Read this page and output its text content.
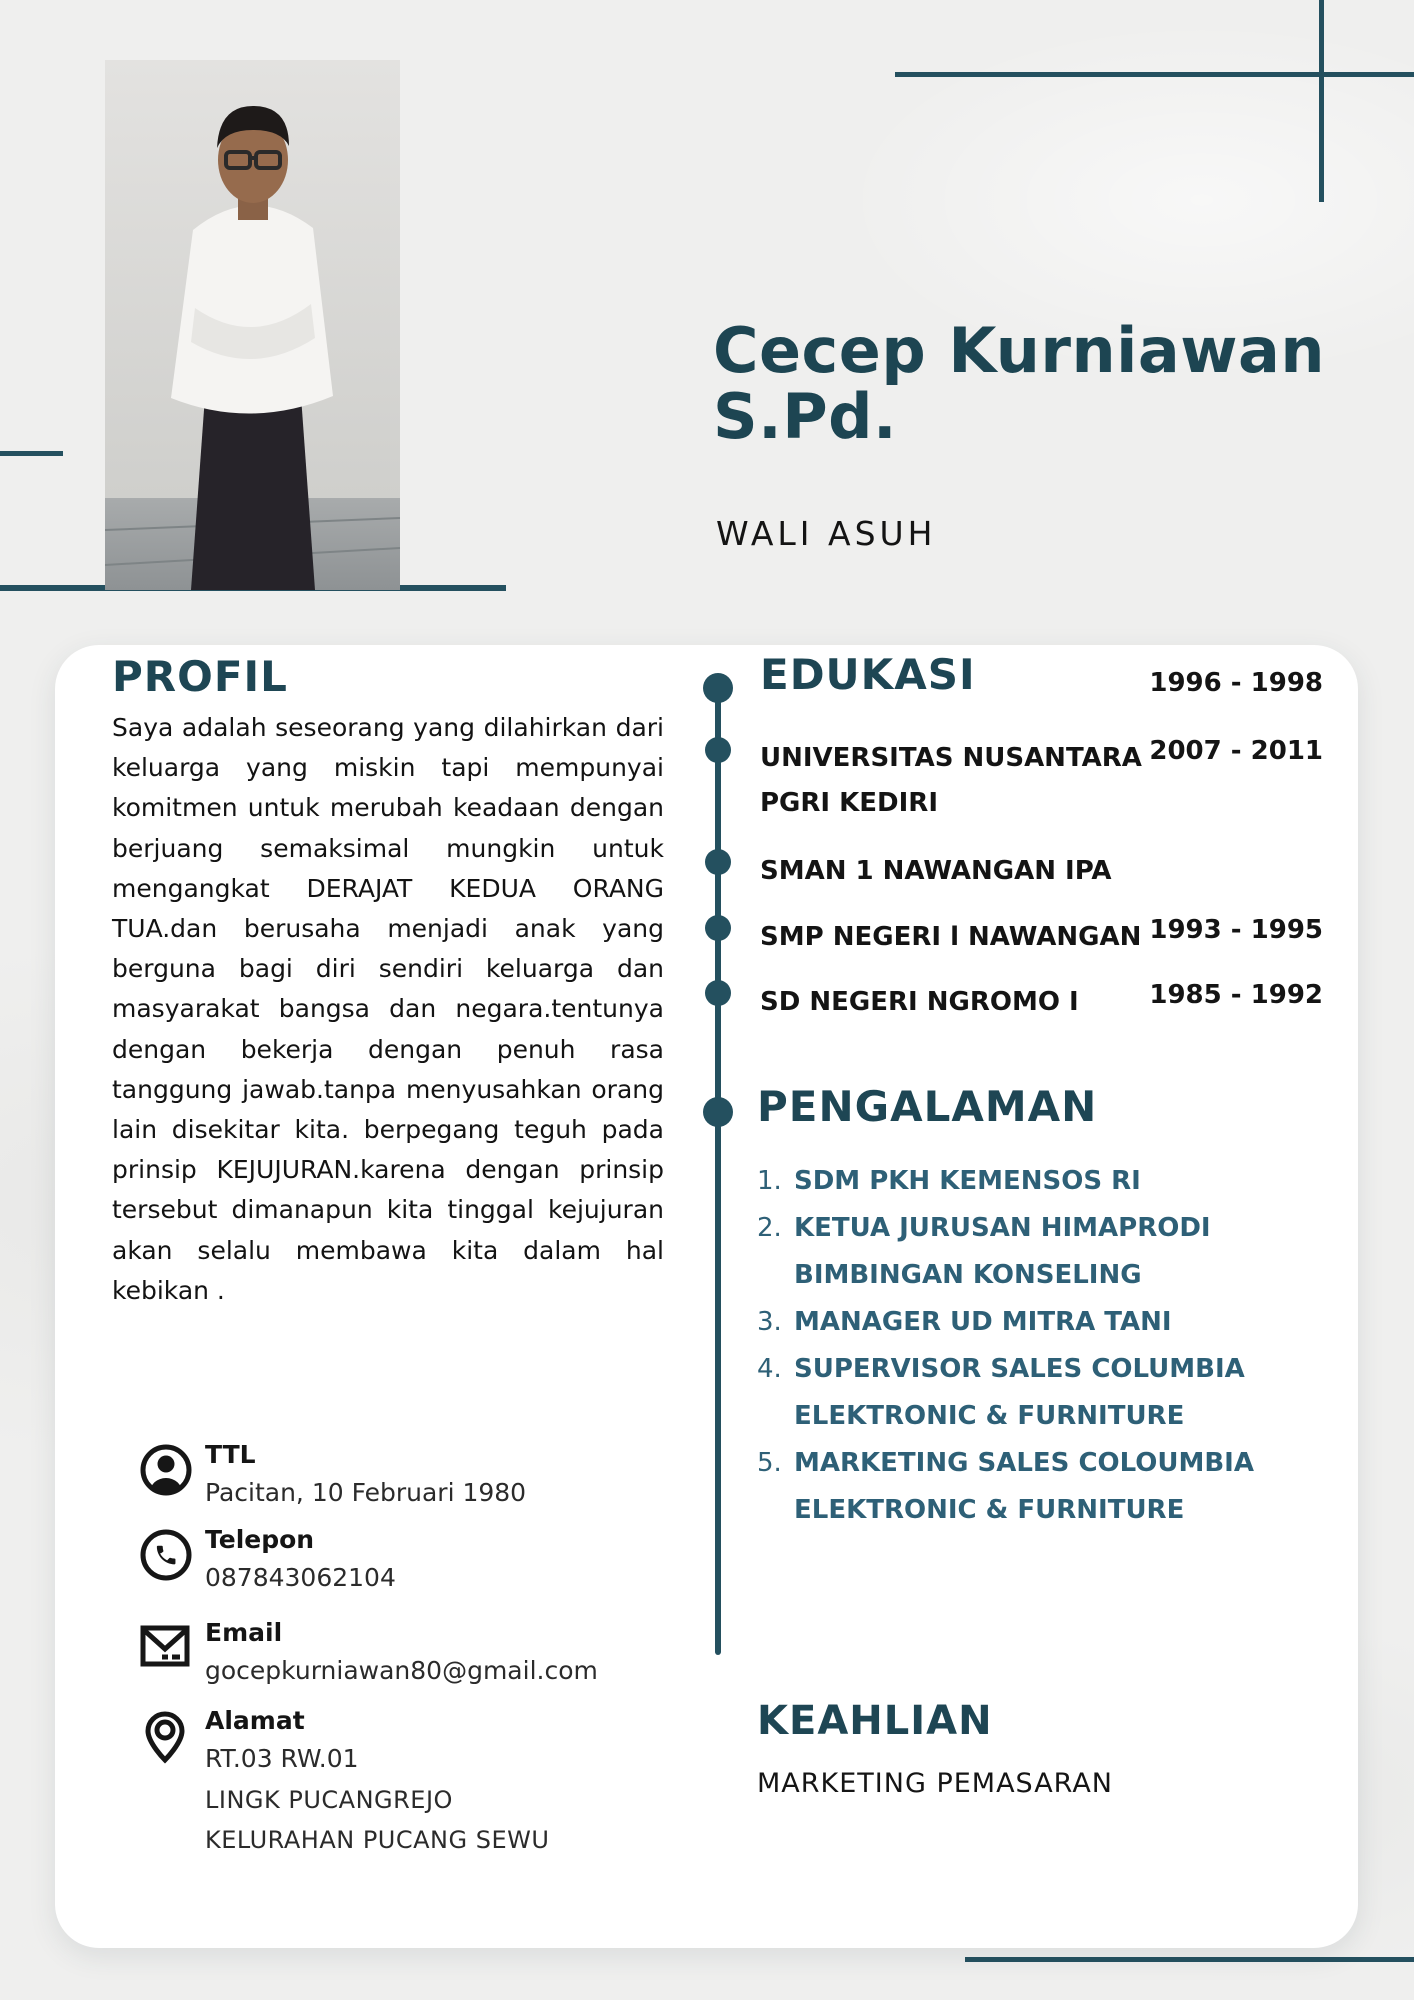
Cecep Kurniawan
S.Pd.
WALI ASUH
PROFIL
Saya adalah seseorang yang dilahirkan dari keluarga yang miskin tapi mempunyai komitmen untuk merubah keadaan dengan berjuang semaksimal mungkin untuk mengangkat DERAJAT KEDUA ORANG TUA.dan berusaha menjadi anak yang berguna bagi diri sendiri keluarga dan masyarakat bangsa dan negara.tentunya dengan bekerja dengan penuh rasa tanggung jawab.tanpa menyusahkan orang lain disekitar kita. berpegang teguh pada prinsip KEJUJURAN.karena dengan prinsip tersebut dimanapun kita tinggal kejujuran akan selalu membawa kita dalam hal kebikan .
TTL
Pacitan, 10 Februari 1980
Telepon
087843062104
Email
gocepkurniawan80@gmail.com
Alamat
RT.03 RW.01
LINGK PUCANGREJO
KELURAHAN PUCANG SEWU
EDUKASI	1996 - 1998
UNIVERSITAS NUSANTARA PGRI KEDIRI
2007 - 2011
SMAN 1 NAWANGAN IPA
SMP NEGERI l NAWANGAN 1993 - 1995
SD NEGERI NGROMO I	1985 - 1992
PENGALAMAN
SDM PKH KEMENSOS RI
KETUA JURUSAN HIMAPRODI BIMBINGAN KONSELING
MANAGER UD MITRA TANI
SUPERVISOR SALES COLUMBIA ELEKTRONIC & FURNITURE
MARKETING SALES COLOUMBIA ELEKTRONIC & FURNITURE
KEAHLIAN
MARKETING PEMASARAN
